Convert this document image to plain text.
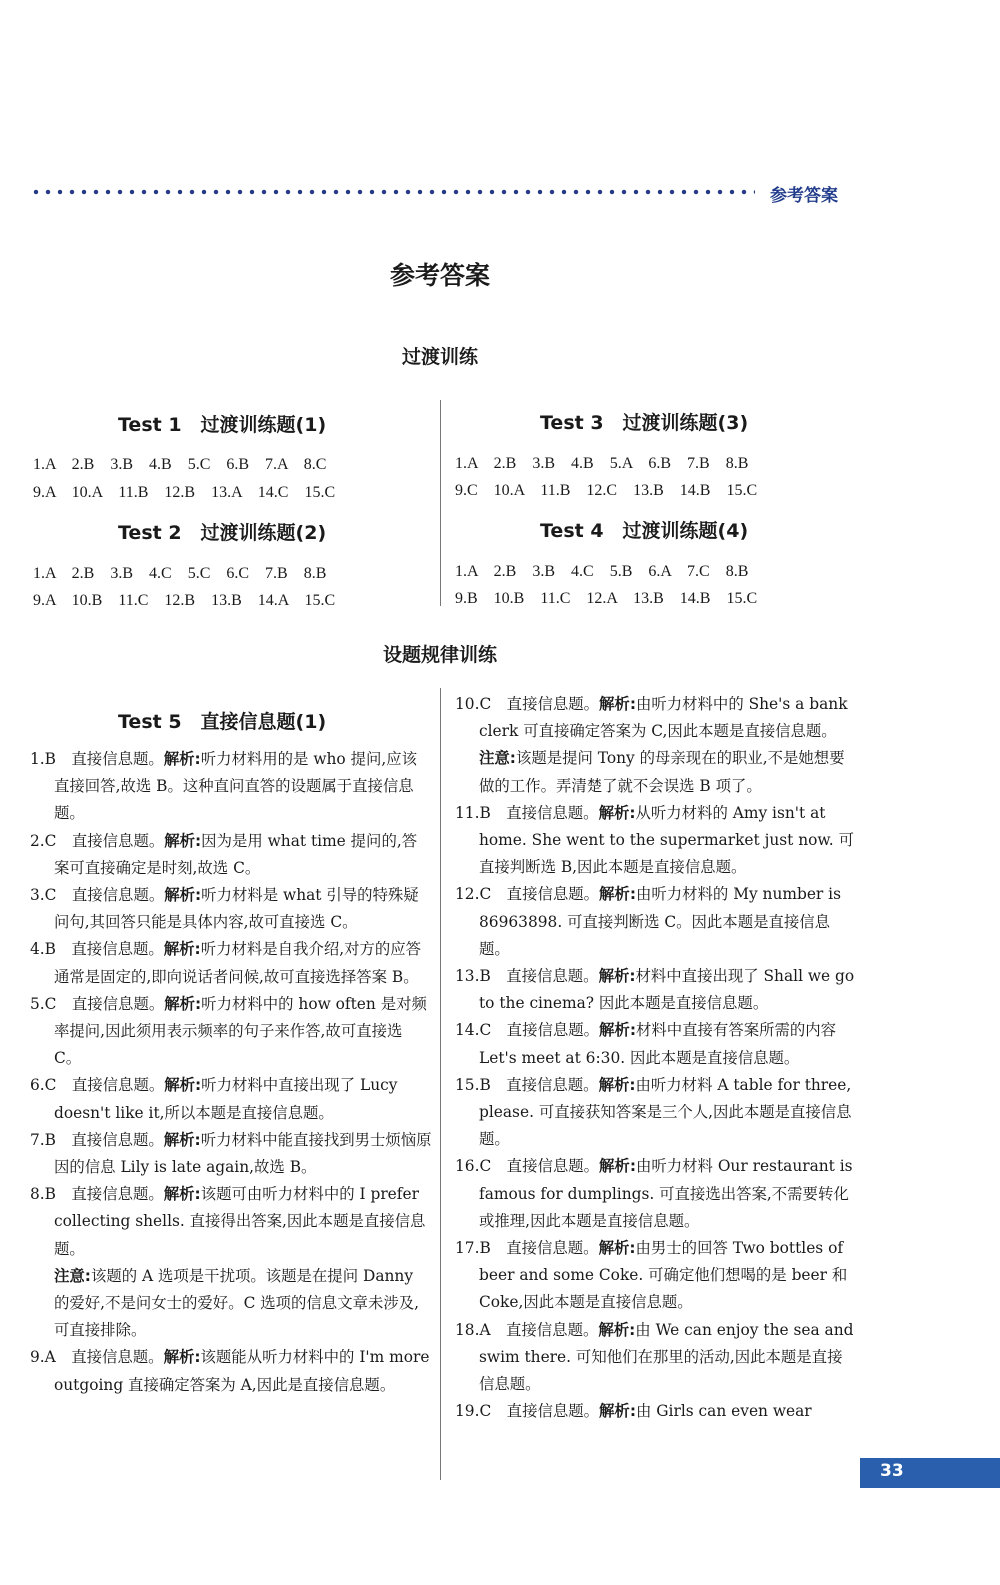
参考答案
参考答案
过渡训练
Test 1　过渡训练题(1)
1.A　2.B　3.B　4.B　5.C　6.B　7.A　8.C
9.A　10.A　11.B　12.B　13.A　14.C　15.C
Test 2　过渡训练题(2)
1.A　2.B　3.B　4.C　5.C　6.C　7.B　8.B
9.A　10.B　11.C　12.B　13.B　14.A　15.C
Test 3　过渡训练题(3)
1.A　2.B　3.B　4.B　5.A　6.B　7.B　8.B
9.C　10.A　11.B　12.C　13.B　14.B　15.C
Test 4　过渡训练题(4)
1.A　2.B　3.B　4.C　5.B　6.A　7.C　8.B
9.B　10.B　11.C　12.A　13.B　14.B　15.C
设题规律训练
Test 5　直接信息题(1)

1.B　 直接信息题。解析:听力材料用的是 who 提问,应该直接回答,故选 B。这种直问直答的设题属于直接信息题。

2.C　 直接信息题。解析:因为是用 what time 提问的,答案可直接确定是时刻,故选 C。

3.C　 直接信息题。解析:听力材料是 what 引导的特殊疑问句,其回答只能是具体内容,故可直接选 C。

4.B　 直接信息题。解析:听力材料是自我介绍,对方的应答通常是固定的,即向说话者问候,故可直接选择答案 B。

5.C　 直接信息题。解析:听力材料中的 how often 是对频率提问,因此须用表示频率的句子来作答,故可直接选 C。

6.C　 直接信息题。解析:听力材料中直接出现了 Lucy doesn't like it,所以本题是直接信息题。

7.B　 直接信息题。解析:听力材料中能直接找到男士烦恼原因的信息 Lily is late again,故选 B。

8.B　 直接信息题。解析:该题可由听力材料中的 I prefer collecting shells. 直接得出答案,因此本题是直接信息题。

注意:该题的 A 选项是干扰项。该题是在提问 Danny 的爱好,不是问女士的爱好。C 选项的信息文章未涉及,可直接排除。

9.A　 直接信息题。解析:该题能从听力材料中的 I'm more outgoing 直接确定答案为 A,因此是直接信息题。

10.C　 直接信息题。解析:由听力材料中的 She's a bank clerk 可直接确定答案为 C,因此本题是直接信息题。

注意:该题是提问 Tony 的母亲现在的职业,不是她想要做的工作。弄清楚了就不会误选 B 项了。

11.B　 直接信息题。解析:从听力材料的 Amy isn't at home. She went to the supermarket just now. 可直接判断选 B,因此本题是直接信息题。

12.C　 直接信息题。解析:由听力材料的 My number is 86963898. 可直接判断选 C。因此本题是直接信息题。

13.B　 直接信息题。解析:材料中直接出现了 Shall we go to the cinema? 因此本题是直接信息题。

14.C　 直接信息题。解析:材料中直接有答案所需的内容 Let's meet at 6:30. 因此本题是直接信息题。

15.B　 直接信息题。解析:由听力材料 A table for three, please. 可直接获知答案是三个人,因此本题是直接信息题。

16.C　 直接信息题。解析:由听力材料 Our restaurant is famous for dumplings. 可直接选出答案,不需要转化或推理,因此本题是直接信息题。

17.B　 直接信息题。解析:由男士的回答 Two bottles of beer and some Coke. 可确定他们想喝的是 beer 和 Coke,因此本题是直接信息题。

18.A　 直接信息题。解析:由 We can enjoy the sea and swim there. 可知他们在那里的活动,因此本题是直接信息题。

19.C　 直接信息题。解析:由 Girls can even wear

33
